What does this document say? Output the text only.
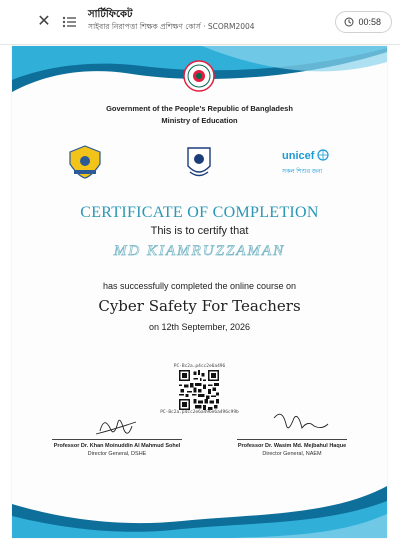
✕	সার্টিফিকেট
সাইবার নিরাপত্তা শিক্ষক প্রশিক্ষণ কোর্স · SCORM2004	00:58
Government of the People's Republic of Bangladesh
Ministry of Education
unicef
সকল শিশুর জন্য
CERTIFICATE OF COMPLETION
This is to certify that
MD KIAMRUZZAMAN
has successfully completed the online course on
Cyber Safety For Teachers
on 12th September, 2026
PC-Bc2a.p4cc2e6a496
PC-Bc2a.p4cc2e6a496e6a496c99b
Professor Dr. Khan Moinuddin Al Mahmud Sohel
Director General, DSHE
Professor Dr. Wasim Md. Mejbahul Haque
Director General, NAEM
